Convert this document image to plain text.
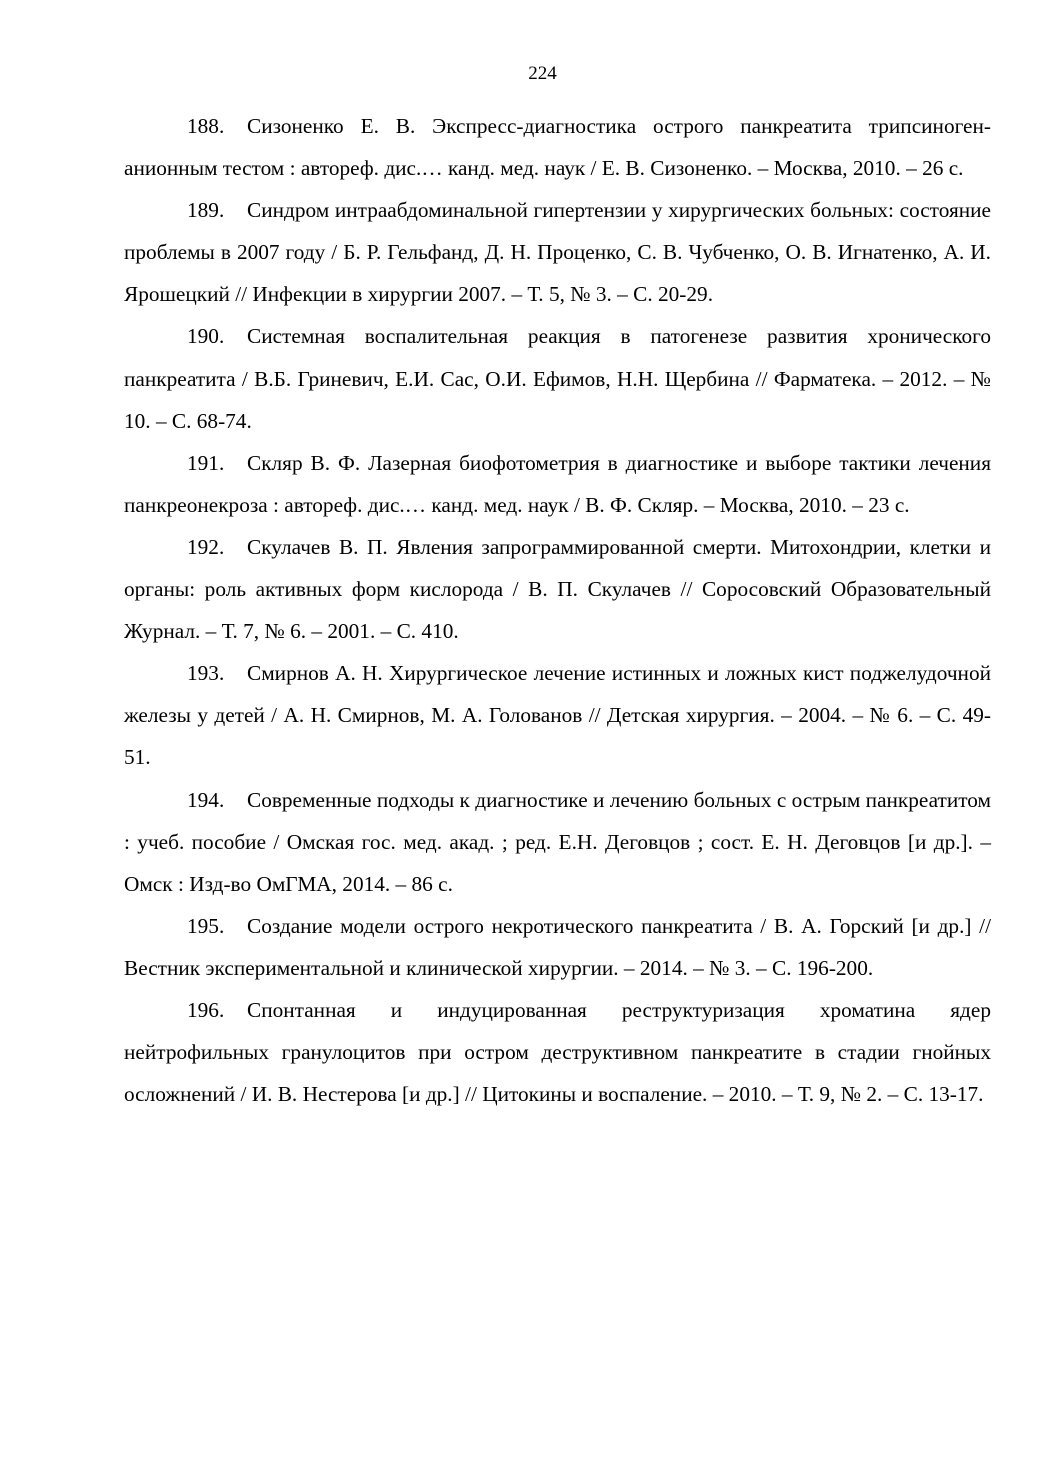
224

188. Сизоненко Е. В. Экспресс-диагностика острого панкреатита трипсиноген-анионным тестом : автореф. дис.… канд. мед. наук / Е. В. Сизоненко. – Москва, 2010. – 26 с.

189. Синдром интраабдоминальной гипертензии у хирургических больных: состояние проблемы в 2007 году / Б. Р. Гельфанд, Д. Н. Проценко, С. В. Чубченко, О. В. Игнатенко, А. И. Ярошецкий // Инфекции в хирургии 2007. – Т. 5, № 3. – С. 20-29.

190. Системная воспалительная реакция в патогенезе развития хронического панкреатита / В.Б. Гриневич, Е.И. Сас, О.И. Ефимов, Н.Н. Щербина // Фарматека. – 2012. – № 10. – С. 68-74.

191. Скляр В. Ф. Лазерная биофотометрия в диагностике и выборе тактики лечения панкреонекроза : автореф. дис.… канд. мед. наук / В. Ф. Скляр. – Москва, 2010. – 23 с.

192. Скулачев В. П. Явления запрограммированной смерти. Митохондрии, клетки и органы: роль активных форм кислорода / В. П. Скулачев // Соросовский Образовательный Журнал. – Т. 7, № 6. – 2001. – С. 410.

193. Смирнов А. Н. Хирургическое лечение истинных и ложных кист поджелудочной железы у детей / А. Н. Смирнов, М. А. Голованов // Детская хирургия. – 2004. – № 6. – С. 49-51.

194. Современные подходы к диагностике и лечению больных с острым панкреатитом : учеб. пособие / Омская гос. мед. акад. ; ред. Е.Н. Деговцов ; сост. Е. Н. Деговцов [и др.]. – Омск : Изд-во ОмГМА, 2014. – 86 с.

195. Создание модели острого некротического панкреатита / В. А. Горский [и др.] // Вестник экспериментальной и клинической хирургии. – 2014. – № 3. – С. 196-200.

196. Спонтанная и индуцированная реструктуризация хроматина ядер нейтрофильных гранулоцитов при остром деструктивном панкреатите в стадии гнойных осложнений / И. В. Нестерова [и др.] // Цитокины и воспаление. – 2010. – Т. 9, № 2. – С. 13-17.
